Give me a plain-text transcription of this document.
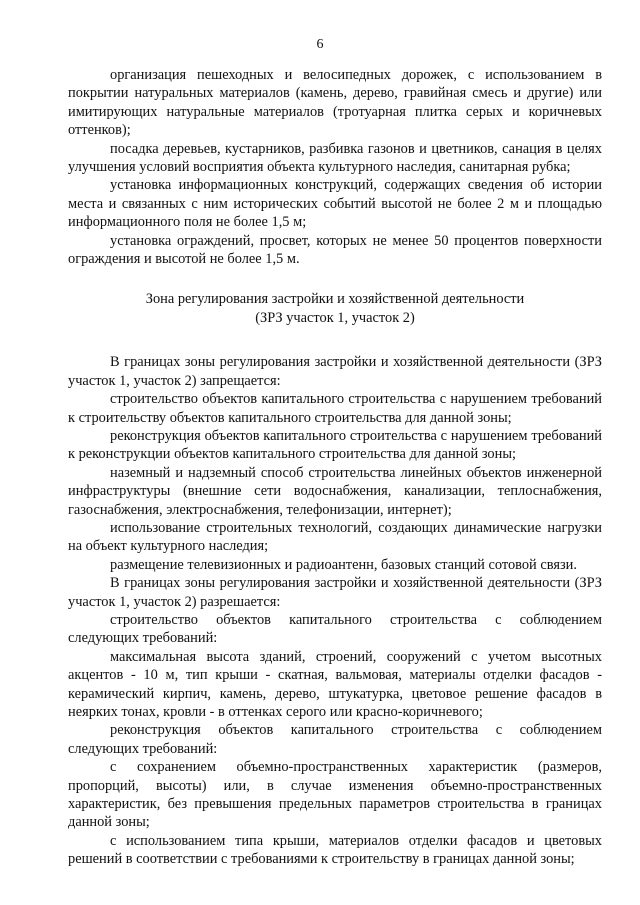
6

организация пешеходных и велосипедных дорожек, с использованием в покрытии натуральных материалов (камень, дерево, гравийная смесь и другие) или имитирующих натуральные материалов (тротуарная плитка серых и коричневых оттенков);

посадка деревьев, кустарников, разбивка газонов и цветников, санация в целях улучшения условий восприятия объекта культурного наследия, санитарная рубка;

установка информационных конструкций, содержащих сведения об истории места и связанных с ним исторических событий высотой не более 2 м и площадью информационного поля не более 1,5 м;

установка ограждений, просвет, которых не менее 50 процентов поверхности ограждения и высотой не более 1,5 м.

Зона регулирования застройки и хозяйственной деятельности
(ЗРЗ участок 1, участок 2)

В границах зоны регулирования застройки и хозяйственной деятельности (ЗРЗ участок 1, участок 2) запрещается:

строительство объектов капитального строительства с нарушением требований к строительству объектов капитального строительства для данной зоны;

реконструкция объектов капитального строительства с нарушением требований к реконструкции объектов капитального строительства для данной зоны;

наземный и надземный способ строительства линейных объектов инженерной инфраструктуры (внешние сети водоснабжения, канализации, теплоснабжения, газоснабжения, электроснабжения, телефонизации, интернет);

использование строительных технологий, создающих динамические нагрузки на объект культурного наследия;

размещение телевизионных и радиоантенн, базовых станций сотовой связи.

В границах зоны регулирования застройки и хозяйственной деятельности (ЗРЗ участок 1, участок 2) разрешается:

строительство объектов капитального строительства с соблюдением следующих требований:

максимальная высота зданий, строений, сооружений с учетом высотных акцентов - 10 м, тип крыши - скатная, вальмовая, материалы отделки фасадов - керамический кирпич, камень, дерево, штукатурка, цветовое решение фасадов в неярких тонах, кровли - в оттенках серого или красно-коричневого;

реконструкция объектов капитального строительства с соблюдением следующих требований:

с сохранением объемно-пространственных характеристик (размеров, пропорций, высоты) или, в случае изменения объемно-пространственных характеристик, без превышения предельных параметров строительства в границах данной зоны;

с использованием типа крыши, материалов отделки фасадов и цветовых решений в соответствии с требованиями к строительству в границах данной зоны;
